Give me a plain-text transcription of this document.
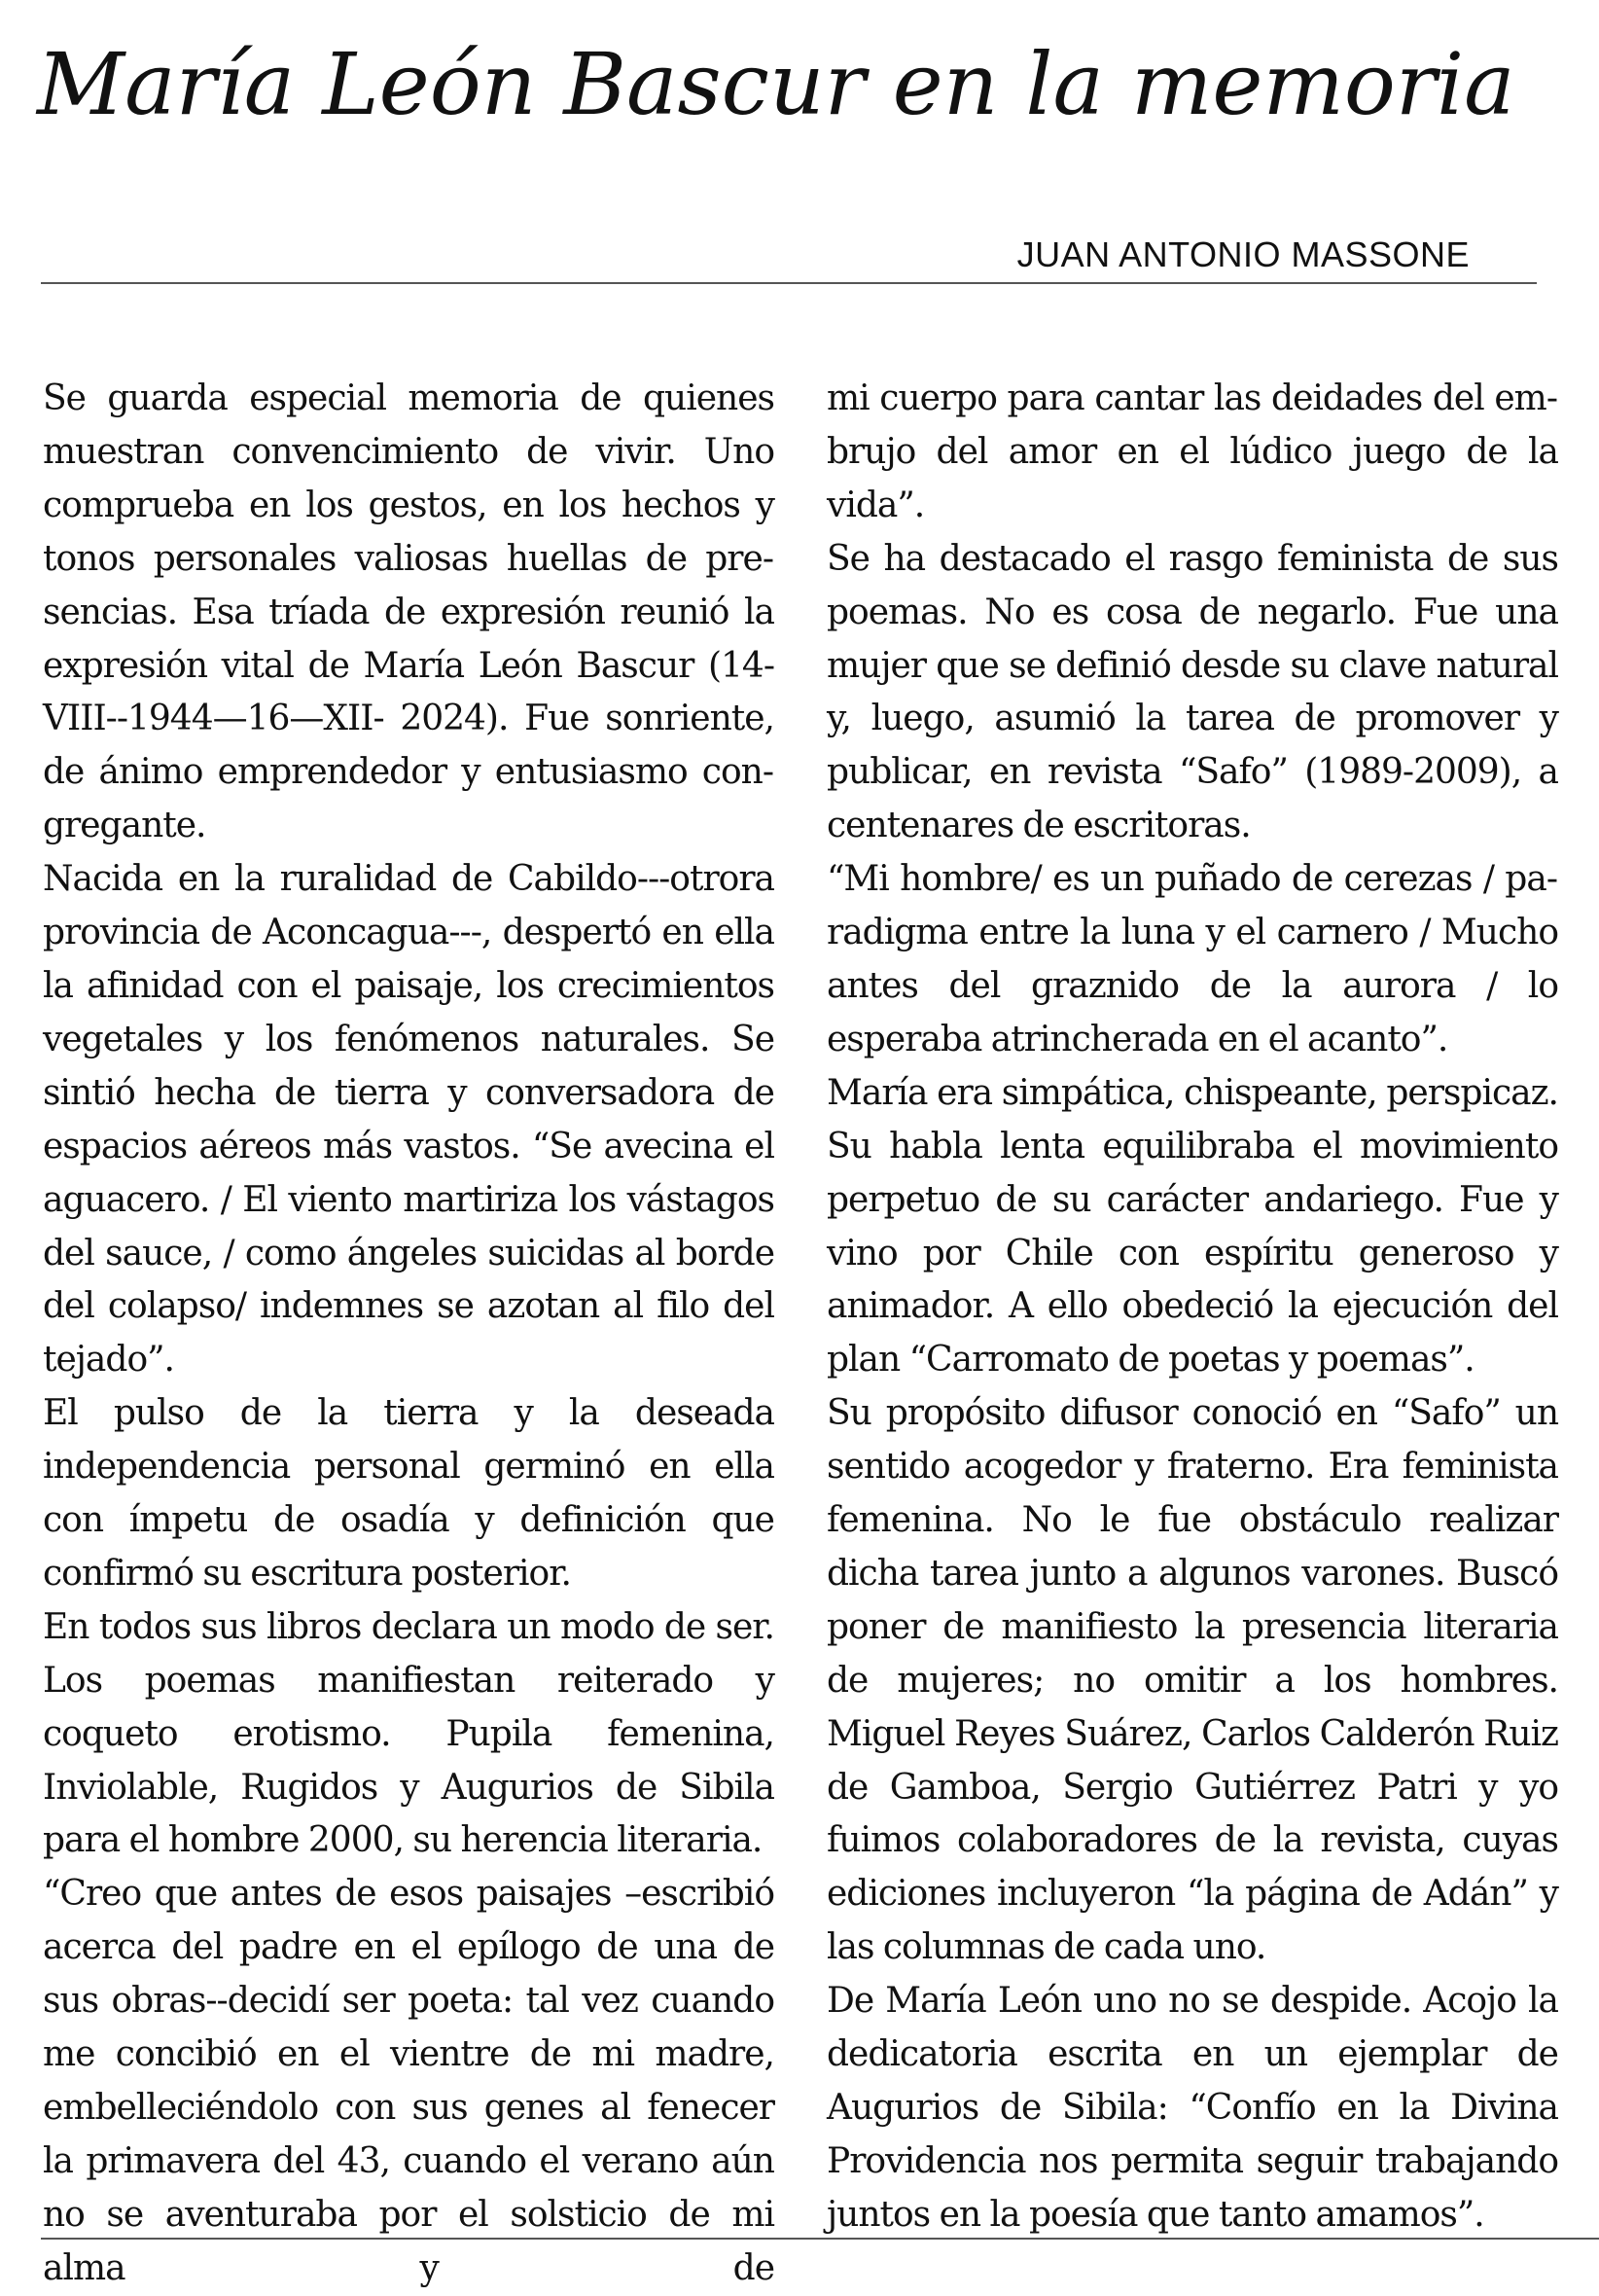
María León Bascur en la memoria
JUAN ANTONIO MASSONE

Se guarda especial memoria de quienes muestran convencimiento de vivir. Uno comprueba en los gestos, en los hechos y tonos personales valiosas huellas de presencias. Esa tríada de expresión reunió la expresión vital de María León Bascur (14-VIII--1944—16—XII- 2024). Fue sonriente, de ánimo emprendedor y entusiasmo congregante.

Nacida en la ruralidad de Cabildo---otrora provincia de Aconcagua---, despertó en ella la afinidad con el paisaje, los crecimientos vegetales y los fenómenos naturales. Se sintió hecha de tierra y conversadora de espacios aéreos más vastos. “Se avecina el aguacero. / El viento martiriza los vástagos del sauce, / como ángeles suicidas al borde del colapso/ indemnes se azotan al filo del tejado”.

El pulso de la tierra y la deseada independencia personal germinó en ella con ímpetu de osadía y definición que confirmó su escritura posterior.

En todos sus libros declara un modo de ser. Los poemas manifiestan reiterado y coqueto erotismo. Pupila femenina, Inviolable, Rugidos y Augurios de Sibila para el hombre 2000, su herencia literaria.

“Creo que antes de esos paisajes –escribió acerca del padre en el epílogo de una de sus obras--decidí ser poeta: tal vez cuando me concibió en el vientre de mi madre, embelleciéndolo con sus genes al fenecer la primavera del 43, cuando el verano aún no se aventuraba por el solsticio de mi alma y de

mi cuerpo para cantar las deidades del embrujo del amor en el lúdico juego de la vida”.

Se ha destacado el rasgo feminista de sus poemas. No es cosa de negarlo. Fue una mujer que se definió desde su clave natural y, luego, asumió la tarea de promover y publicar, en revista “Safo” (1989-2009), a centenares de escritoras.

“Mi hombre/ es un puñado de cerezas / paradigma entre la luna y el carnero / Mucho antes del graznido de la aurora / lo esperaba atrincherada en el acanto”.

María era simpática, chispeante, perspicaz. Su habla lenta equilibraba el movimiento perpetuo de su carácter andariego. Fue y vino por Chile con espíritu generoso y animador. A ello obedeció la ejecución del plan “Carromato de poetas y poemas”.

Su propósito difusor conoció en “Safo” un sentido acogedor y fraterno. Era feminista femenina. No le fue obstáculo realizar dicha tarea junto a algunos varones. Buscó poner de manifiesto la presencia literaria de mujeres; no omitir a los hombres. Miguel Reyes Suárez, Carlos Calderón Ruiz de Gamboa, Sergio Gutiérrez Patri y yo fuimos colaboradores de la revista, cuyas ediciones incluyeron “la página de Adán” y las columnas de cada uno.

De María León uno no se despide. Acojo la dedicatoria escrita en un ejemplar de Augurios de Sibila: “Confío en la Divina Providencia nos permita seguir trabajando juntos en la poesía que tanto amamos”.
